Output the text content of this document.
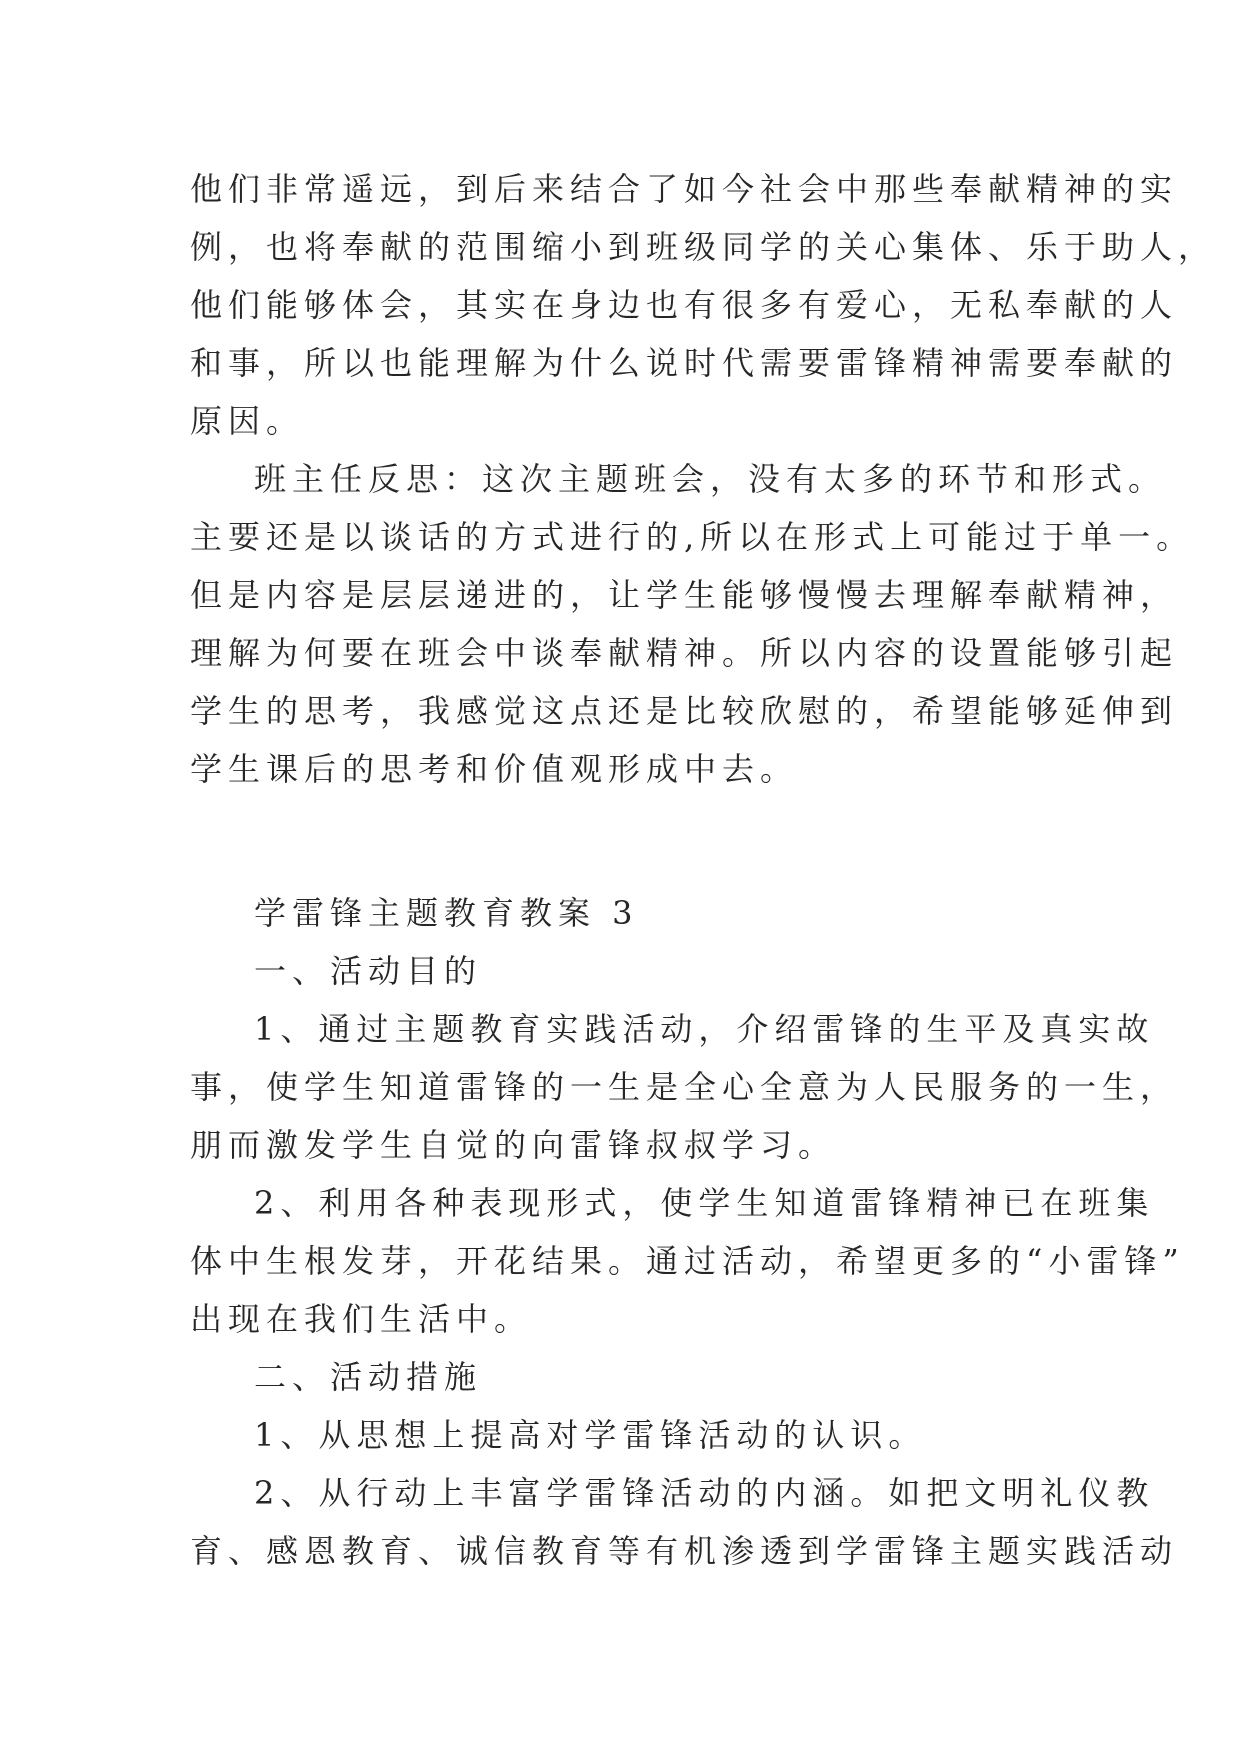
他们非常遥远，到后来结合了如今社会中那些奉献精神的实
例，也将奉献的范围缩小到班级同学的关心集体、乐于助人，
他们能够体会，其实在身边也有很多有爱心，无私奉献的人
和事，所以也能理解为什么说时代需要雷锋精神需要奉献的
原因。
班主任反思：这次主题班会，没有太多的环节和形式。
主要还是以谈话的方式进行的,所以在形式上可能过于单一。
但是内容是层层递进的，让学生能够慢慢去理解奉献精神，
理解为何要在班会中谈奉献精神。所以内容的设置能够引起
学生的思考，我感觉这点还是比较欣慰的，希望能够延伸到
学生课后的思考和价值观形成中去。
学雷锋主题教育教案 3
一、活动目的
1、通过主题教育实践活动，介绍雷锋的生平及真实故
事，使学生知道雷锋的一生是全心全意为人民服务的一生，
朋而激发学生自觉的向雷锋叔叔学习。
2、利用各种表现形式，使学生知道雷锋精神已在班集
体中生根发芽，开花结果。通过活动，希望更多的“小雷锋”
出现在我们生活中。
二、活动措施
1、从思想上提高对学雷锋活动的认识。
2、从行动上丰富学雷锋活动的内涵。如把文明礼仪教
育、感恩教育、诚信教育等有机渗透到学雷锋主题实践活动
